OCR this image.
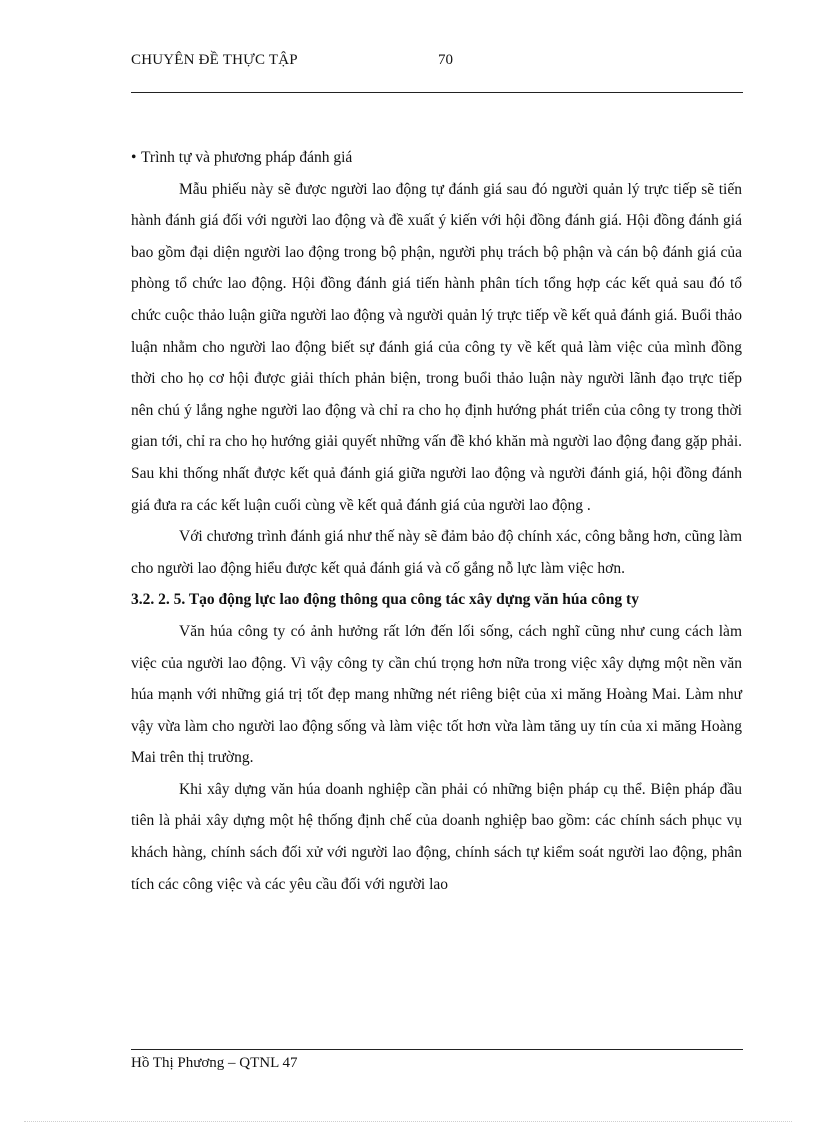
CHUYÊN ĐỀ THỰC TẬP	70

• Trình tự và phương pháp đánh giá

Mẫu phiếu này sẽ được người lao động tự đánh giá sau đó người quản lý trực tiếp sẽ tiến hành đánh giá đối với người lao động và đề xuất ý kiến với hội đồng đánh giá. Hội đồng đánh giá bao gồm đại diện người lao động trong bộ phận, người phụ trách bộ phận và cán bộ đánh giá của phòng tổ chức lao động. Hội đồng đánh giá tiến hành phân tích tổng hợp các kết quả sau đó tổ chức cuộc thảo luận giữa người lao động và người quản lý trực tiếp về kết quả đánh giá. Buổi thảo luận nhằm cho người lao động biết sự đánh giá của công ty về kết quả làm việc của mình đồng thời cho họ cơ hội được giải thích phản biện, trong buổi thảo luận này người lãnh đạo trực tiếp nên chú ý lắng nghe người lao động và chỉ ra cho họ định hướng phát triển của công ty trong thời gian tới, chỉ ra cho họ hướng giải quyết những vấn đề khó khăn mà người lao động đang gặp phải. Sau khi thống nhất được kết quả đánh giá giữa người lao động và người đánh giá, hội đồng đánh giá đưa ra các kết luận cuối cùng về kết quả đánh giá của người lao động .

Với chương trình đánh giá như thế này sẽ đảm bảo độ chính xác, công bằng hơn, cũng làm cho người lao động hiểu được kết quả đánh giá và cố gắng nỗ lực làm việc hơn.

3.2. 2. 5. Tạo động lực lao động thông qua công tác xây dựng văn húa công ty

Văn húa công ty có ảnh hưởng rất lớn đến lối sống, cách nghĩ cũng như cung cách làm việc của người lao động. Vì vậy công ty cần chú trọng hơn nữa trong việc xây dựng một nền văn húa mạnh với những giá trị tốt đẹp mang những nét riêng biệt của xi măng Hoàng Mai. Làm như vậy vừa làm cho người lao động sống và làm việc tốt hơn vừa làm tăng uy tín của xi măng Hoàng Mai trên thị trường.

Khi xây dựng văn húa doanh nghiệp cần phải có những biện pháp cụ thể. Biện pháp đầu tiên là phải xây dựng một hệ thống định chế của doanh nghiệp bao gồm: các chính sách phục vụ khách hàng, chính sách đối xử với người lao động, chính sách tự kiểm soát người lao động, phân tích các công việc và các yêu cầu đối với người lao

Hồ Thị Phương – QTNL 47
